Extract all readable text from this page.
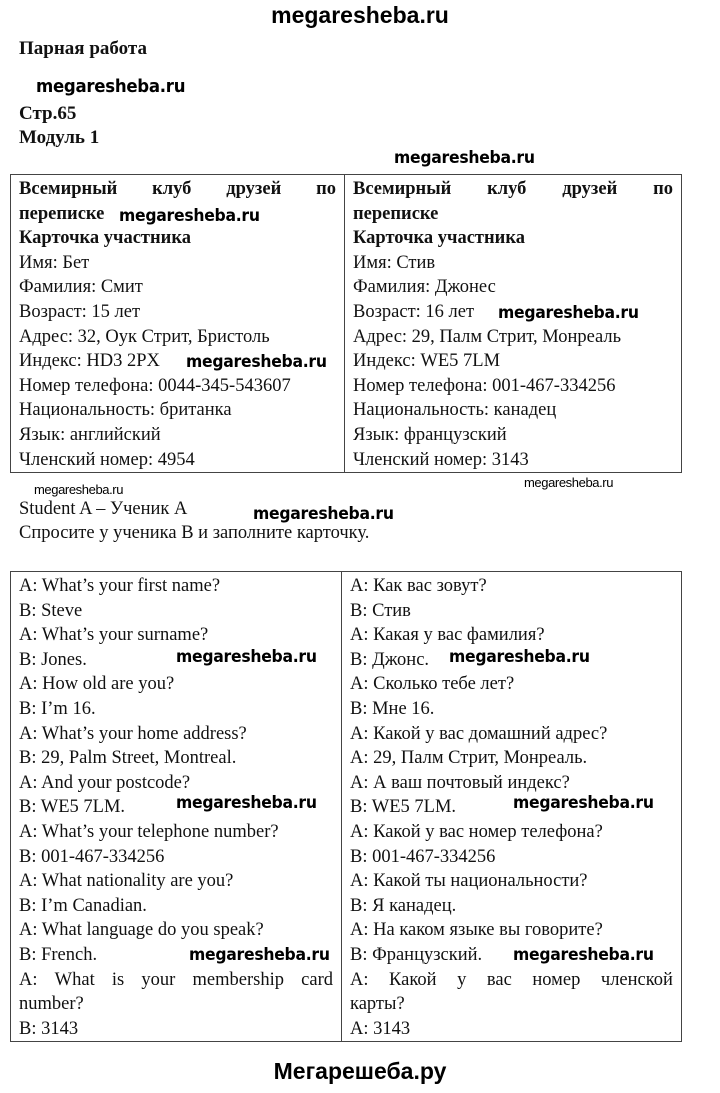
megaresheba.ru
Парная работа
megaresheba.ru
Стр.65
Модуль 1
megaresheba.ru
Всемирный клуб друзей по
переписке
Карточка участника
Имя: Бет
Фамилия: Смит
Возраст: 15 лет
Адрес: 32, Оук Стрит, Бристоль
Индекс: HD3 2PX
Номер телефона: 0044-345-543607
Национальность: британка
Язык: английский
Членский номер: 4954

Всемирный клуб друзей по
переписке
Карточка участника
Имя: Стив
Фамилия: Джонес
Возраст: 16 лет
Адрес: 29, Палм Стрит, Монреаль
Индекс: WE5 7LM
Номер телефона: 001-467-334256
Национальность: канадец
Язык: французский
Членский номер: 3143
megaresheba.ru
megaresheba.ru
megaresheba.ru
megaresheba.ru	megaresheba.ru
Student A – Ученик A	megaresheba.ru
Спросите у ученика B и заполните карточку.
A: What’s your first name?
B: Steve
A: What’s your surname?
B: Jones.
A: How old are you?
B: I’m 16.
A: What’s your home address?
B: 29, Palm Street, Montreal.
A: And your postcode?
B: WE5 7LM.
A: What’s your telephone number?
B: 001-467-334256
A: What nationality are you?
B: I’m Canadian.
A: What language do you speak?
B: French.
A: What is your membership card
number?
B: 3143

A: Как вас зовут?
B: Стив
A: Какая у вас фамилия?
B: Джонс.
A: Сколько тебе лет?
B: Мне 16.
A: Какой у вас домашний адрес?
A: 29, Палм Стрит, Монреаль.
A: А ваш почтовый индекс?
B: WE5 7LM.
A: Какой у вас номер телефона?
B: 001-467-334256
A: Какой ты национальности?
B: Я канадец.
A: На каком языке вы говорите?
B: Французский.
A: Какой у вас номер членской
карты?
A: 3143
megaresheba.ru	megaresheba.ru
megaresheba.ru	megaresheba.ru
megaresheba.ru	megaresheba.ru
Мегарешеба.ру
